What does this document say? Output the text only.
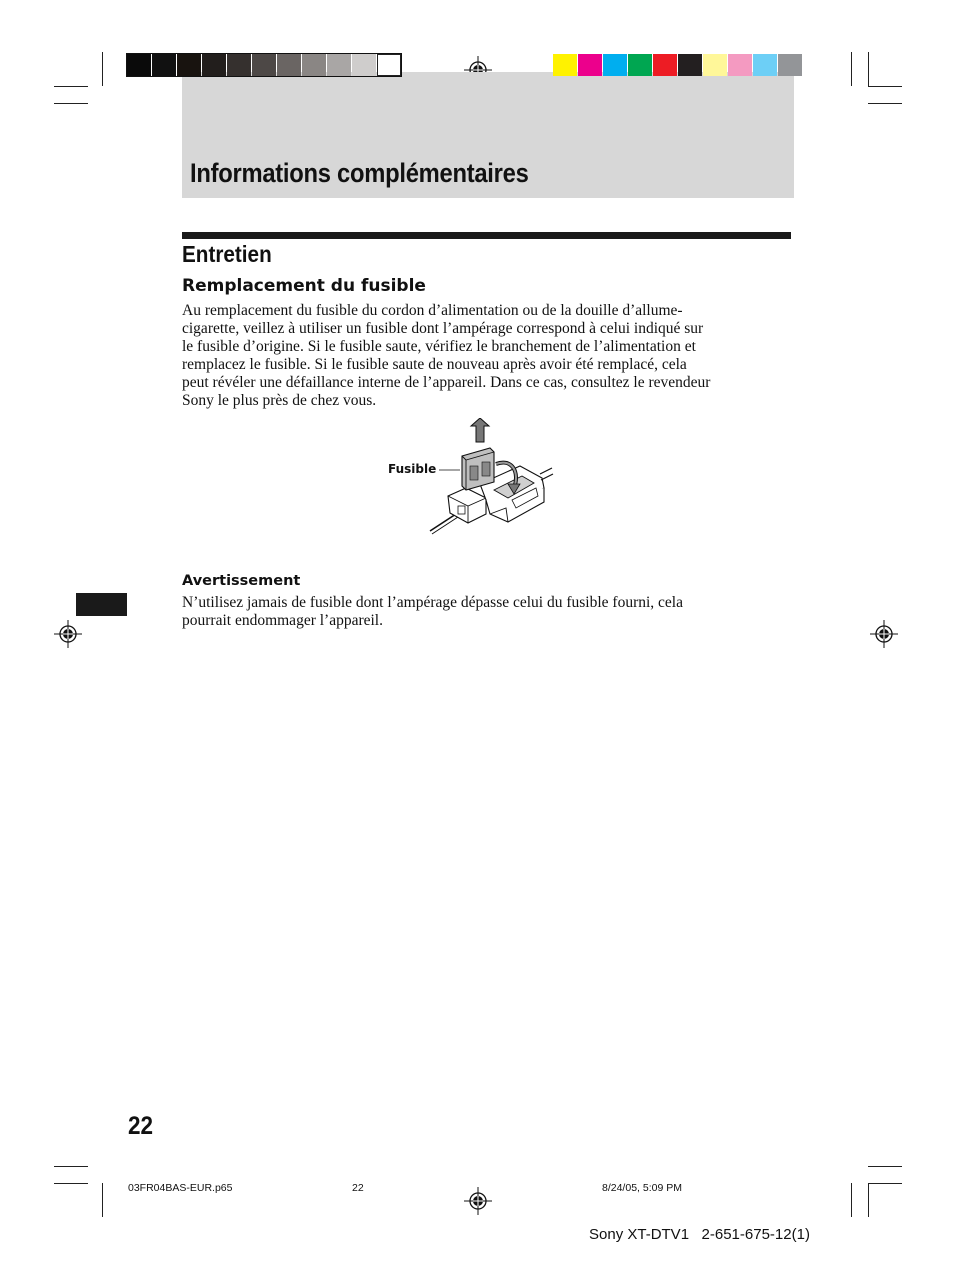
Informations complémentaires
Entretien
Remplacement du fusible
Au remplacement du fusible du cordon d’alimentation ou de la douille d’allume-
cigarette, veillez à utiliser un fusible dont l’ampérage correspond à celui indiqué sur
le fusible d’origine. Si le fusible saute, vérifiez le branchement de l’alimentation et
remplacez le fusible. Si le fusible saute de nouveau après avoir été remplacé, cela
peut révéler une défaillance interne de l’appareil. Dans ce cas, consultez le revendeur
Sony le plus près de chez vous.
Fusible
Avertissement
N’utilisez jamais de fusible dont l’ampérage dépasse celui du fusible fourni, cela
pourrait endommager l’appareil.
22
03FR04BAS-EUR.p65	22	8/24/05, 5:09 PM
Sony XT-DTV1   2-651-675-12(1)
